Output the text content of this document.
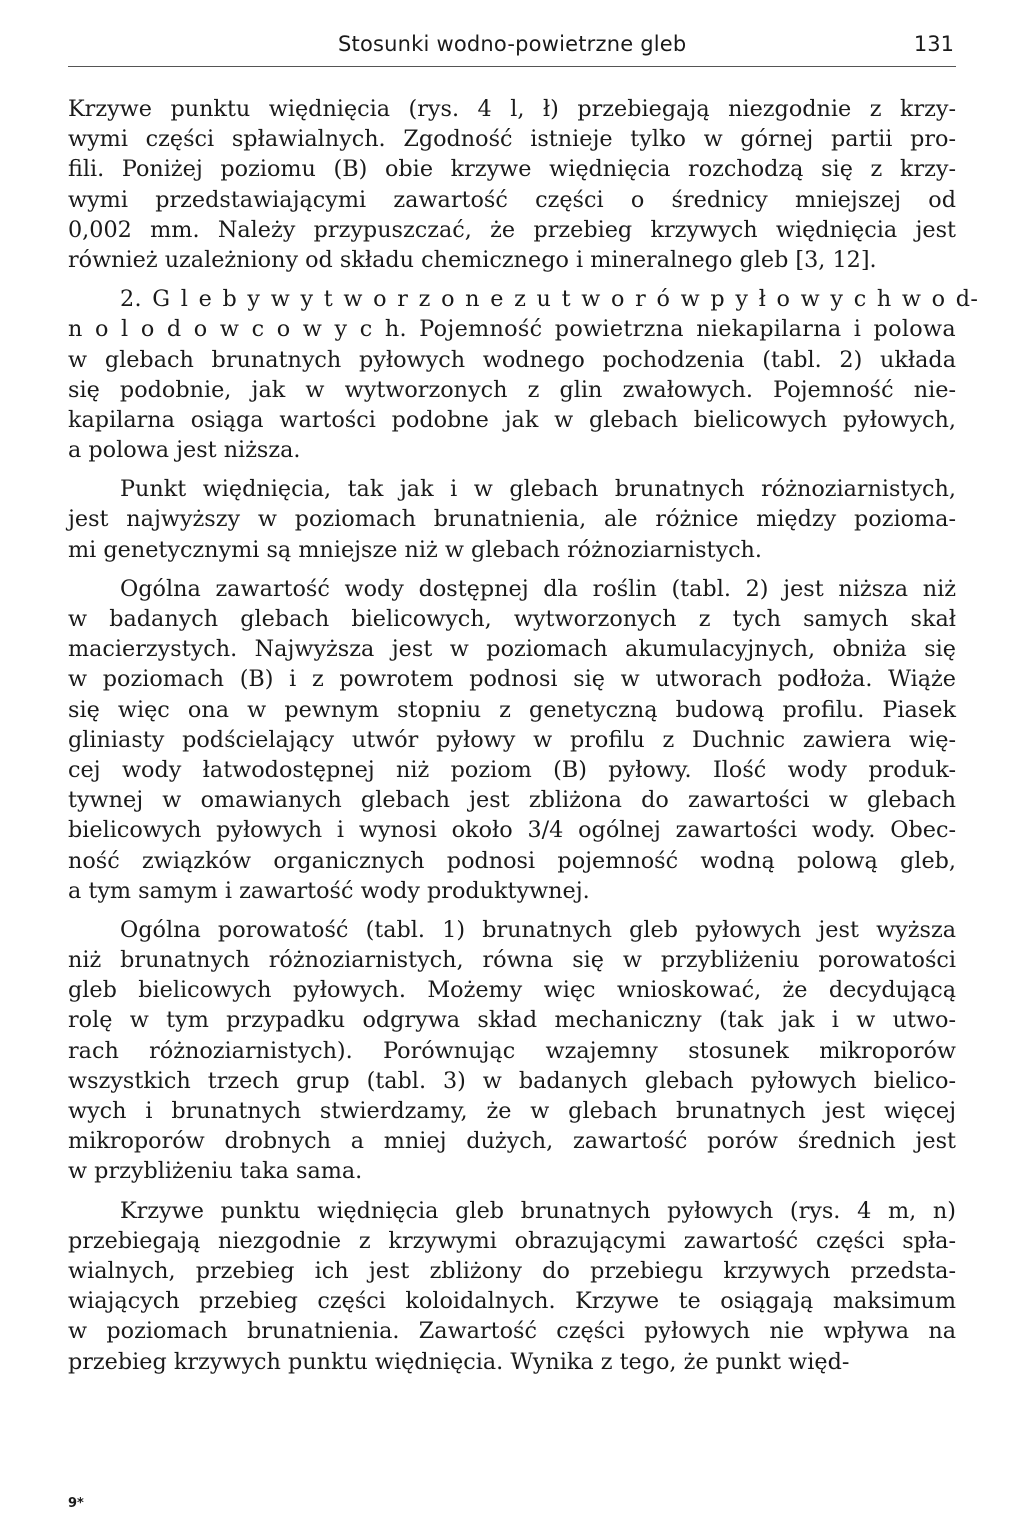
Stosunki wodno-powietrzne gleb	131
Krzywe punktu więdnięcia (rys. 4 l, ł) przebiegają niezgodnie z krzy-
wymi części spławialnych. Zgodność istnieje tylko w górnej partii pro-
fili. Poniżej poziomu (B) obie krzywe więdnięcia rozchodzą się z krzy-
wymi przedstawiającymi zawartość części o średnicy mniejszej od
0,002 mm. Należy przypuszczać, że przebieg krzywych więdnięcia jest
również uzależniony od składu chemicznego i mineralnego gleb [3, 12].
2. G l e b y w y t w o r z o n e z u t w o r ó w p y ł o w y c h w o d-
n o l o d o w c o w y c h. Pojemność powietrzna niekapilarna i polowa
w glebach brunatnych pyłowych wodnego pochodzenia (tabl. 2) układa
się podobnie, jak w wytworzonych z glin zwałowych. Pojemność nie-
kapilarna osiąga wartości podobne jak w glebach bielicowych pyłowych,
a polowa jest niższa.
Punkt więdnięcia, tak jak i w glebach brunatnych różnoziarnistych,
jest najwyższy w poziomach brunatnienia, ale różnice między pozioma-
mi genetycznymi są mniejsze niż w glebach różnoziarnistych.
Ogólna zawartość wody dostępnej dla roślin (tabl. 2) jest niższa niż
w badanych glebach bielicowych, wytworzonych z tych samych skał
macierzystych. Najwyższa jest w poziomach akumulacyjnych, obniża się
w poziomach (B) i z powrotem podnosi się w utworach podłoża. Wiąże
się więc ona w pewnym stopniu z genetyczną budową profilu. Piasek
gliniasty podścielający utwór pyłowy w profilu z Duchnic zawiera wię-
cej wody łatwodostępnej niż poziom (B) pyłowy. Ilość wody produk-
tywnej w omawianych glebach jest zbliżona do zawartości w glebach
bielicowych pyłowych i wynosi około 3/4 ogólnej zawartości wody. Obec-
ność związków organicznych podnosi pojemność wodną polową gleb,
a tym samym i zawartość wody produktywnej.
Ogólna porowatość (tabl. 1) brunatnych gleb pyłowych jest wyższa
niż brunatnych różnoziarnistych, równa się w przybliżeniu porowatości
gleb bielicowych pyłowych. Możemy więc wnioskować, że decydującą
rolę w tym przypadku odgrywa skład mechaniczny (tak jak i w utwo-
rach różnoziarnistych). Porównując wzajemny stosunek mikroporów
wszystkich trzech grup (tabl. 3) w badanych glebach pyłowych bielico-
wych i brunatnych stwierdzamy, że w glebach brunatnych jest więcej
mikroporów drobnych a mniej dużych, zawartość porów średnich jest
w przybliżeniu taka sama.
Krzywe punktu więdnięcia gleb brunatnych pyłowych (rys. 4 m, n)
przebiegają niezgodnie z krzywymi obrazującymi zawartość części spła-
wialnych, przebieg ich jest zbliżony do przebiegu krzywych przedsta-
wiających przebieg części koloidalnych. Krzywe te osiągają maksimum
w poziomach brunatnienia. Zawartość części pyłowych nie wpływa na
przebieg krzywych punktu więdnięcia. Wynika z tego, że punkt więd-
9*
